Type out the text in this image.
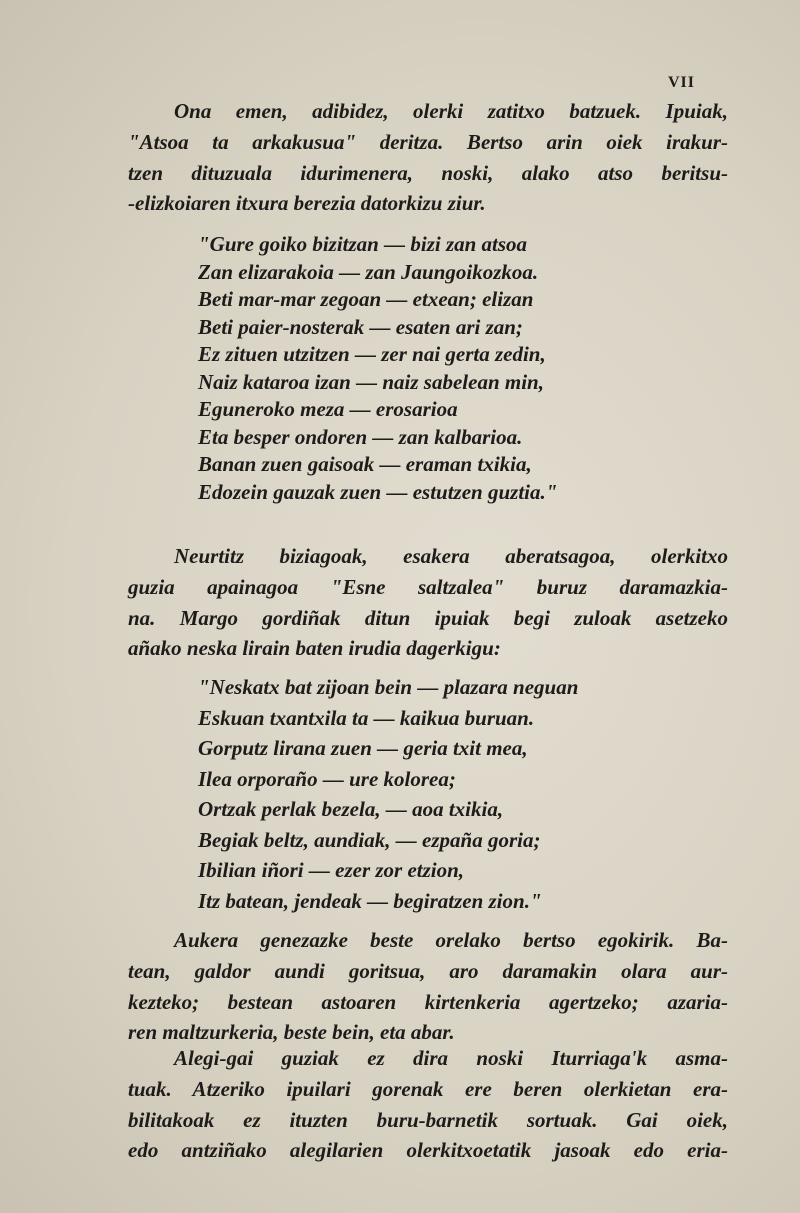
VII
Ona emen, adibidez, olerki zatitxo batzuek. Ipuiak,
"Atsoa ta arkakusua" deritza. Bertso arin oiek irakur-
tzen dituzuala idurimenera, noski, alako atso beritsu-
-elizkoiaren itxura berezia datorkizu ziur.
"Gure goiko bizitzan — bizi zan atsoa
Zan elizarakoia — zan Jaungoikozkoa.
Beti mar-mar zegoan — etxean; elizan
Beti paier-nosterak — esaten ari zan;
Ez zituen utzitzen — zer nai gerta zedin,
Naiz kataroa izan — naiz sabelean min,
Eguneroko meza — erosarioa
Eta besper ondoren — zan kalbarioa.
Banan zuen gaisoak — eraman txikia,
Edozein gauzak zuen — estutzen guztia."
Neurtitz biziagoak, esakera aberatsagoa, olerkitxo
guzia apainagoa "Esne saltzalea" buruz daramazkia-
na. Margo gordiñak ditun ipuiak begi zuloak asetzeko
añako neska lirain baten irudia dagerkigu:
"Neskatx bat zijoan bein — plazara neguan
Eskuan txantxila ta — kaikua buruan.
Gorputz lirana zuen — geria txit mea,
Ilea orporaño — ure kolorea;
Ortzak perlak bezela, — aoa txikia,
Begiak beltz, aundiak, — ezpaña goria;
Ibilian iñori — ezer zor etzion,
Itz batean, jendeak — begiratzen zion."
Aukera genezazke beste orelako bertso egokirik. Ba-
tean, galdor aundi goritsua, aro daramakin olara aur-
kezteko; bestean astoaren kirtenkeria agertzeko; azaria-
ren maltzurkeria, beste bein, eta abar.
Alegi-gai guziak ez dira noski Iturriaga'k asma-
tuak. Atzeriko ipuilari gorenak ere beren olerkietan era-
bilitakoak ez ituzten buru-barnetik sortuak. Gai oiek,
edo antziñako alegilarien olerkitxoetatik jasoak edo eria-
